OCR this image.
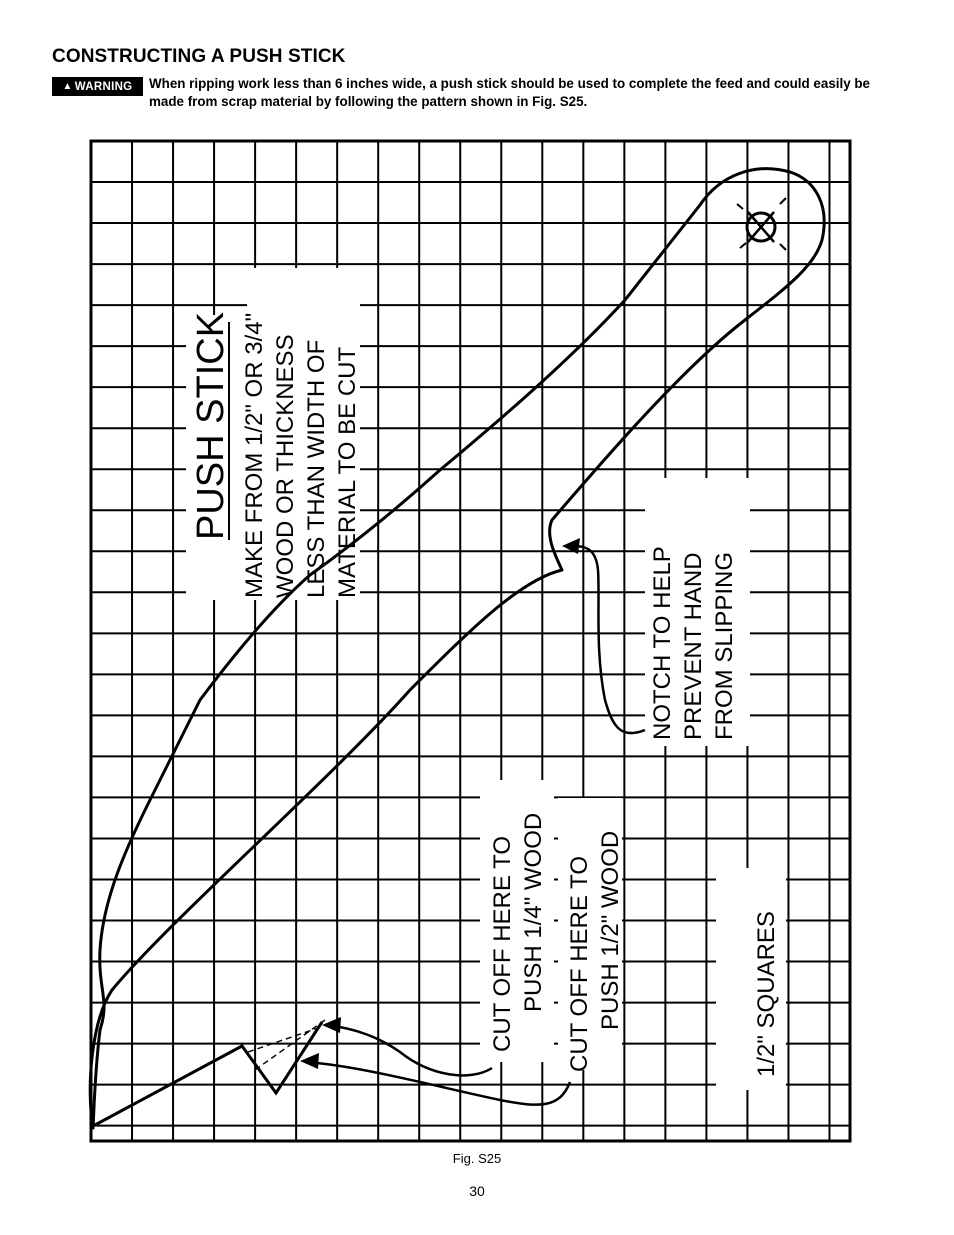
CONSTRUCTING A PUSH STICK
▲ WARNING When ripping work less than 6 inches wide, a push stick should be used to complete the feed and could easily be made from scrap material by following the pattern shown in Fig. S25.
PUSH STICK MAKE FROM 1/2" OR 3/4" WOOD OR THICKNESS LESS THAN WIDTH OF MATERIAL TO BE CUT
NOTCH TO HELP PREVENT HAND FROM SLIPPING
CUT OFF HERE TO PUSH 1/4" WOOD CUT OFF HERE TO PUSH 1/2" WOOD	1/2" SQUARES
Fig. S25
30
